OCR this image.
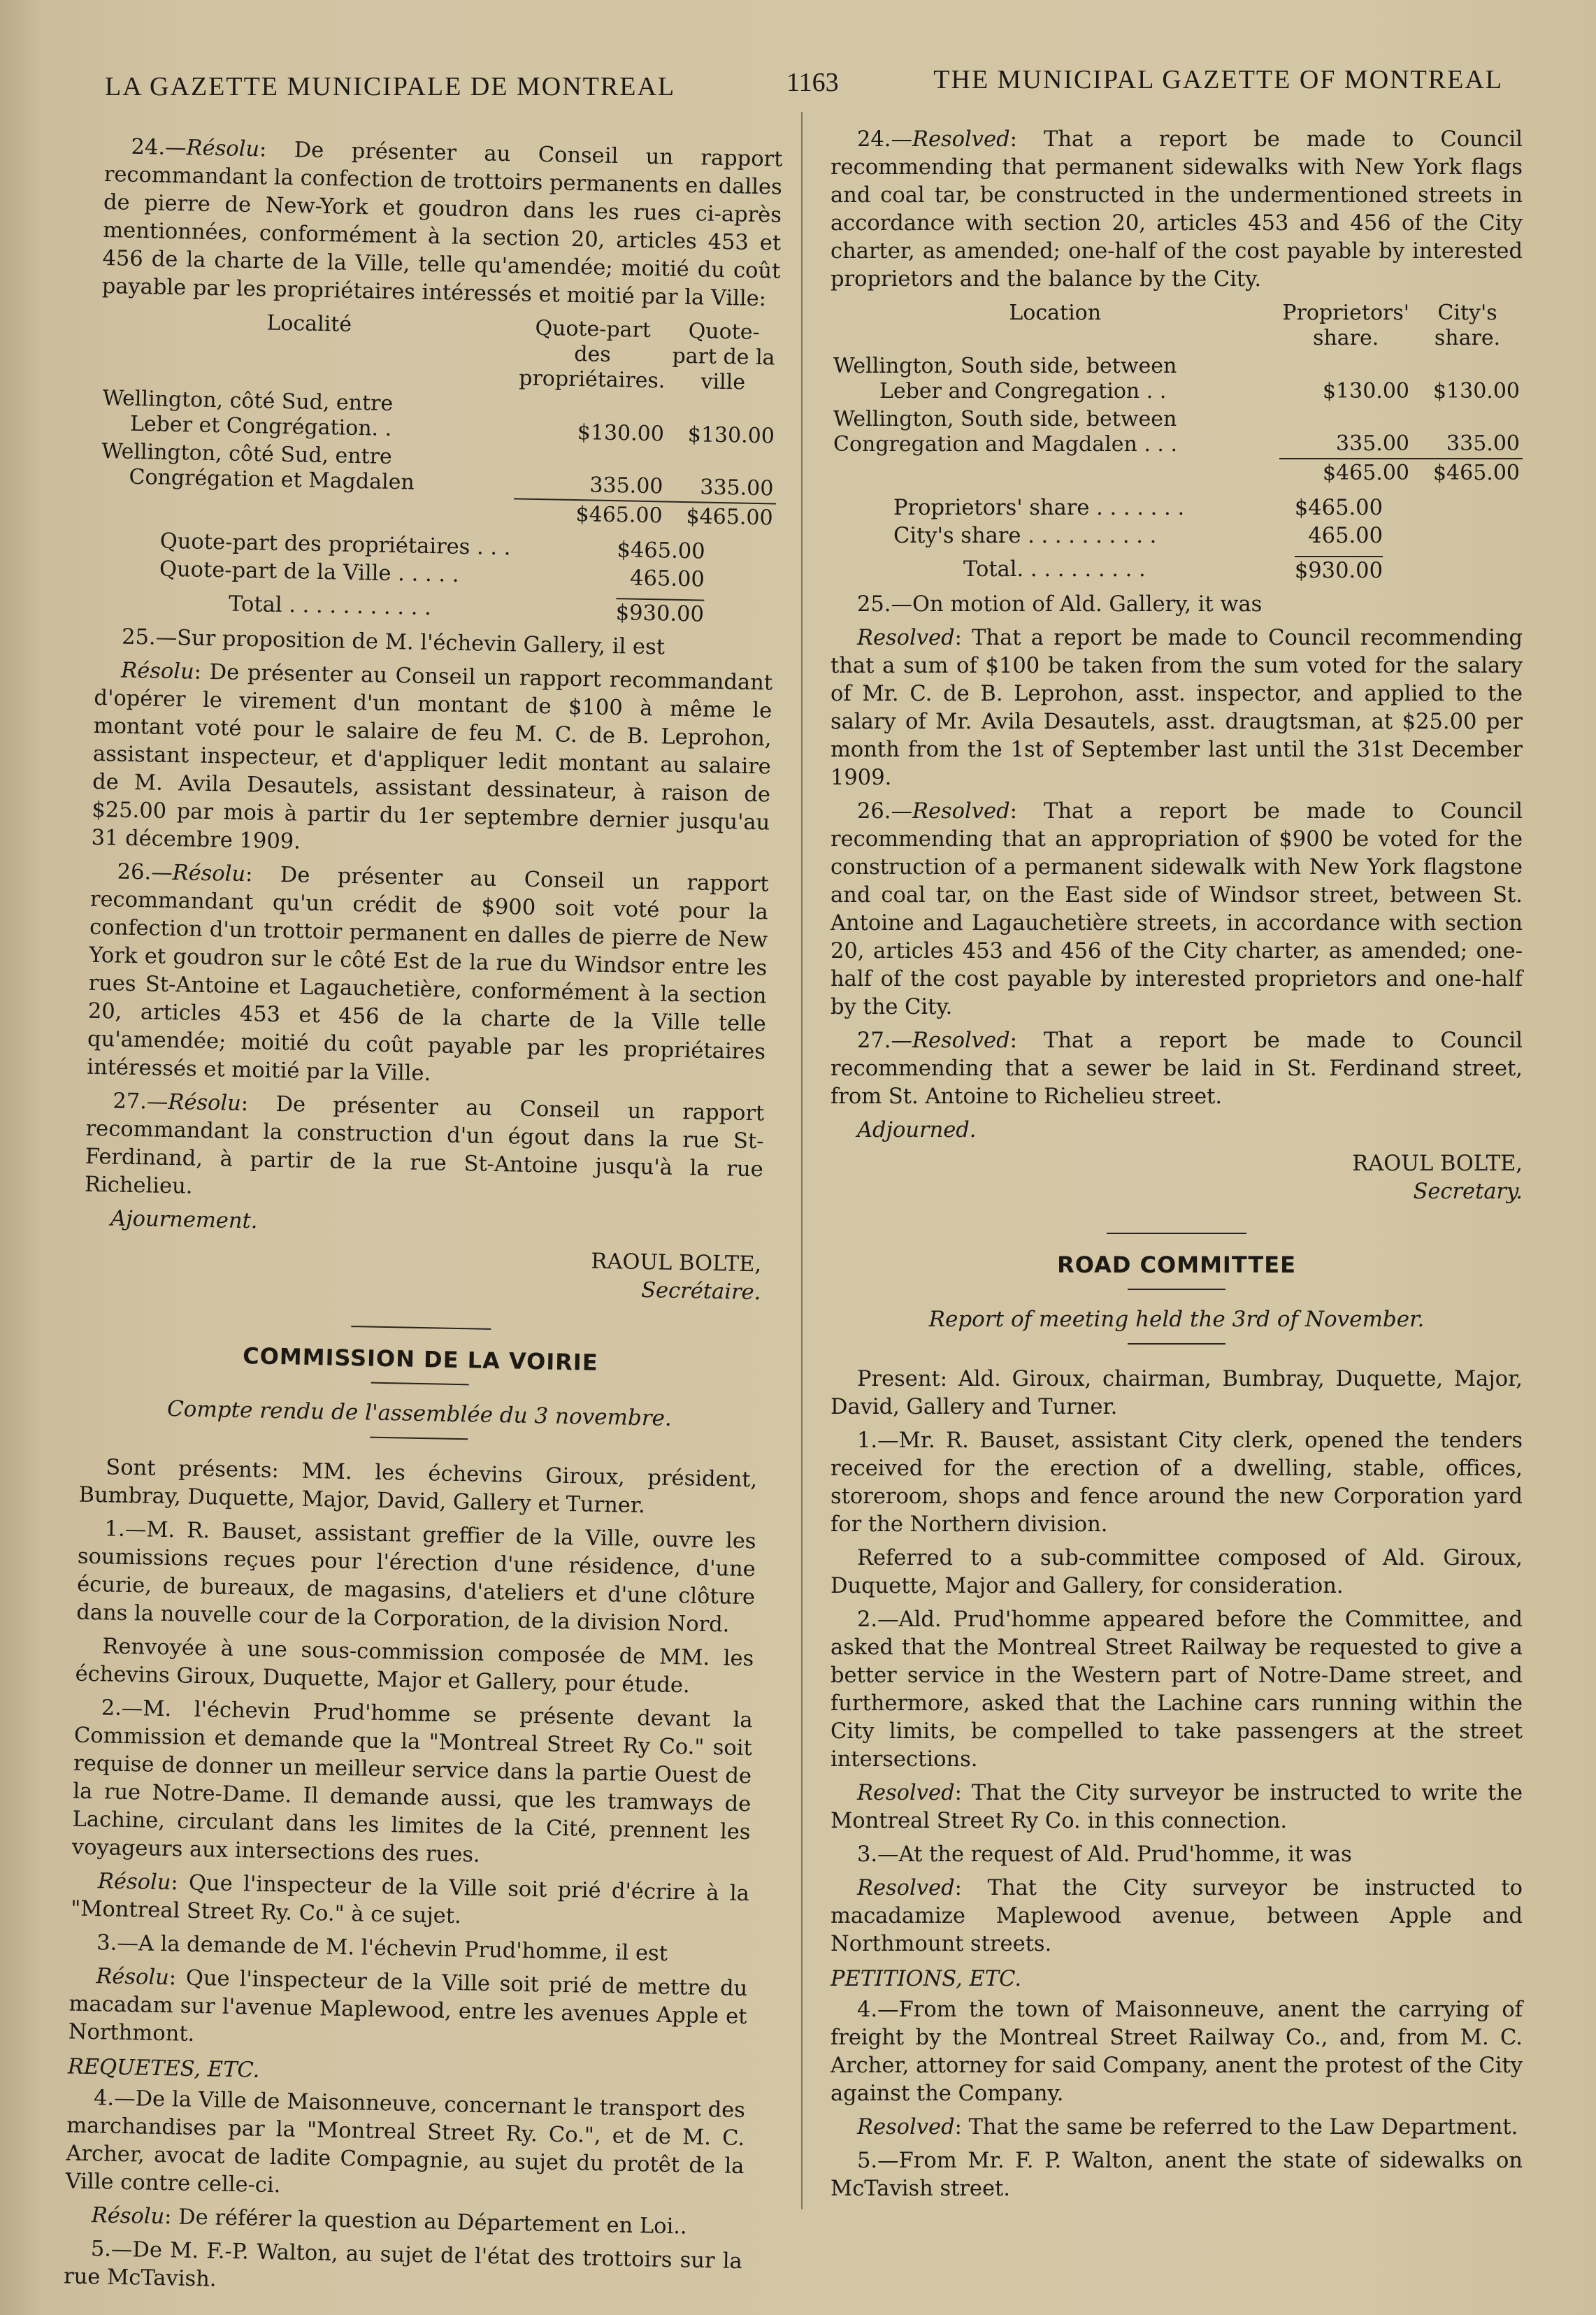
LA GAZETTE MUNICIPALE DE MONTREAL	1163	THE MUNICIPAL GAZETTE OF MONTREAL

24.—Résolu: De présenter au Conseil un rapport recommandant la confection de trottoirs permanents en dalles de pierre de New-York et goudron dans les rues ci-après mentionnées, conformément à la section 20, articles 453 et 456 de la charte de la Ville, telle qu'amendée; moitié du coût payable par les propriétaires intéressés et moitié par la Ville:

Localité	Quote-part des propriétaires.	Quote-part de la ville

Wellington, côté Sud, entre
Leber et Congrégation. .	$130.00	$130.00

Wellington, côté Sud, entre
Congrégation et Magdalen	335.00	335.00
	$465.00	$465.00
Quote-part des propriétaires . . .	$465.00
Quote-part de la Ville . . . . .	465.00
Total . . . . . . . . . . .	$930.00

25.—Sur proposition de M. l'échevin Gallery, il est

Résolu: De présenter au Conseil un rapport recommandant d'opérer le virement d'un montant de $100 à même le montant voté pour le salaire de feu M. C. de B. Leprohon, assistant inspecteur, et d'appliquer ledit montant au salaire de M. Avila Desautels, assistant dessinateur, à raison de $25.00 par mois à partir du 1er septembre dernier jusqu'au 31 décembre 1909.

26.—Résolu: De présenter au Conseil un rapport recommandant qu'un crédit de $900 soit voté pour la confection d'un trottoir permanent en dalles de pierre de New York et goudron sur le côté Est de la rue du Windsor entre les rues St-Antoine et Lagauchetière, conformément à la section 20, articles 453 et 456 de la charte de la Ville telle qu'amendée; moitié du coût payable par les propriétaires intéressés et moitié par la Ville.

27.—Résolu: De présenter au Conseil un rapport recommandant la construction d'un égout dans la rue St-Ferdinand, à partir de la rue St-Antoine jusqu'à la rue Richelieu.

Ajournement.

RAOUL BOLTE,
Secrétaire.
COMMISSION DE LA VOIRIE
Compte rendu de l'assemblée du 3 novembre.

Sont présents: MM. les échevins Giroux, président, Bumbray, Duquette, Major, David, Gallery et Turner.

1.—M. R. Bauset, assistant greffier de la Ville, ouvre les soumissions reçues pour l'érection d'une résidence, d'une écurie, de bureaux, de magasins, d'ateliers et d'une clôture dans la nouvelle cour de la Corporation, de la division Nord.

Renvoyée à une sous-commission composée de MM. les échevins Giroux, Duquette, Major et Gallery, pour étude.

2.—M. l'échevin Prud'homme se présente devant la Commission et demande que la "Montreal Street Ry Co." soit requise de donner un meilleur service dans la partie Ouest de la rue Notre-Dame. Il demande aussi, que les tramways de Lachine, circulant dans les limites de la Cité, prennent les voyageurs aux intersections des rues.

Résolu: Que l'inspecteur de la Ville soit prié d'écrire à la "Montreal Street Ry. Co." à ce sujet.

3.—A la demande de M. l'échevin Prud'homme, il est

Résolu: Que l'inspecteur de la Ville soit prié de mettre du macadam sur l'avenue Maplewood, entre les avenues Apple et Northmont.

REQUETES, ETC.

4.—De la Ville de Maisonneuve, concernant le transport des marchandises par la "Montreal Street Ry. Co.", et de M. C. Archer, avocat de ladite Compagnie, au sujet du protêt de la Ville contre celle-ci.

Résolu: De référer la question au Département en Loi..

5.—De M. F.-P. Walton, au sujet de l'état des trottoirs sur la rue McTavish.

24.—Resolved: That a report be made to Council recommending that permanent sidewalks with New York flags and coal tar, be constructed in the undermentioned streets in accordance with section 20, articles 453 and 456 of the City charter, as amended; one-half of the cost payable by interested proprietors and the balance by the City.

Location	Proprietors' share.	City's share.

Wellington, South side, between
Leber and Congregation . .	$130.00	$130.00

Wellington, South side, between
Congregation and Magdalen . . .	335.00	335.00
	$465.00	$465.00
Proprietors' share . . . . . . .	$465.00
City's share . . . . . . . . . .	465.00
Total. . . . . . . . . .	$930.00

25.—On motion of Ald. Gallery, it was

Resolved: That a report be made to Council recommending that a sum of $100 be taken from the sum voted for the salary of Mr. C. de B. Leprohon, asst. inspector, and applied to the salary of Mr. Avila Desautels, asst. draugtsman, at $25.00 per month from the 1st of September last until the 31st December 1909.

26.—Resolved: That a report be made to Council recommending that an appropriation of $900 be voted for the construction of a permanent sidewalk with New York flagstone and coal tar, on the East side of Windsor street, between St. Antoine and Lagauchetière streets, in accordance with section 20, articles 453 and 456 of the City charter, as amended; one-half of the cost payable by interested proprietors and one-half by the City.

27.—Resolved: That a report be made to Council recommending that a sewer be laid in St. Ferdinand street, from St. Antoine to Richelieu street.

Adjourned.

RAOUL BOLTE,
Secretary.
ROAD COMMITTEE
Report of meeting held the 3rd of November.

Present: Ald. Giroux, chairman, Bumbray, Duquette, Major, David, Gallery and Turner.

1.—Mr. R. Bauset, assistant City clerk, opened the tenders received for the erection of a dwelling, stable, offices, storeroom, shops and fence around the new Corporation yard for the Northern division.

Referred to a sub-committee composed of Ald. Giroux, Duquette, Major and Gallery, for consideration.

2.—Ald. Prud'homme appeared before the Committee, and asked that the Montreal Street Railway be requested to give a better service in the Western part of Notre-Dame street, and furthermore, asked that the Lachine cars running within the City limits, be compelled to take passengers at the street intersections.

Resolved: That the City surveyor be instructed to write the Montreal Street Ry Co. in this connection.

3.—At the request of Ald. Prud'homme, it was

Resolved: That the City surveyor be instructed to macadamize Maplewood avenue, between Apple and Northmount streets.

PETITIONS, ETC.

4.—From the town of Maisonneuve, anent the carrying of freight by the Montreal Street Railway Co., and, from M. C. Archer, attorney for said Company, anent the protest of the City against the Company.

Resolved: That the same be referred to the Law Department.

5.—From Mr. F. P. Walton, anent the state of sidewalks on McTavish street.
